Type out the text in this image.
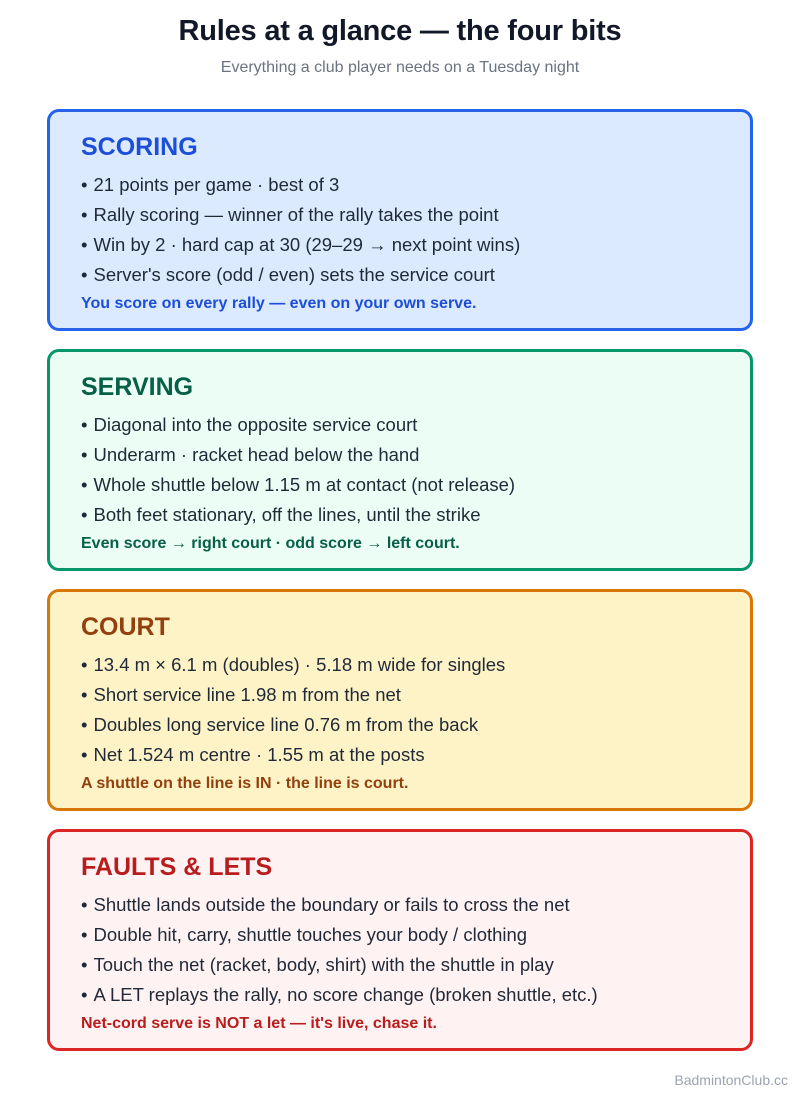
Rules at a glance — the four bits
Everything a club player needs on a Tuesday night
SCORING
• 21 points per game · best of 3
• Rally scoring — winner of the rally takes the point
• Win by 2 · hard cap at 30 (29–29 → next point wins)
• Server's score (odd / even) sets the service court
You score on every rally — even on your own serve.
SERVING
• Diagonal into the opposite service court
• Underarm · racket head below the hand
• Whole shuttle below 1.15 m at contact (not release)
• Both feet stationary, off the lines, until the strike
Even score → right court · odd score → left court.
COURT
• 13.4 m × 6.1 m (doubles) · 5.18 m wide for singles
• Short service line 1.98 m from the net
• Doubles long service line 0.76 m from the back
• Net 1.524 m centre · 1.55 m at the posts
A shuttle on the line is IN · the line is court.
FAULTS & LETS
• Shuttle lands outside the boundary or fails to cross the net
• Double hit, carry, shuttle touches your body / clothing
• Touch the net (racket, body, shirt) with the shuttle in play
• A LET replays the rally, no score change (broken shuttle, etc.)
Net-cord serve is NOT a let — it's live, chase it.
BadmintonClub.cc
